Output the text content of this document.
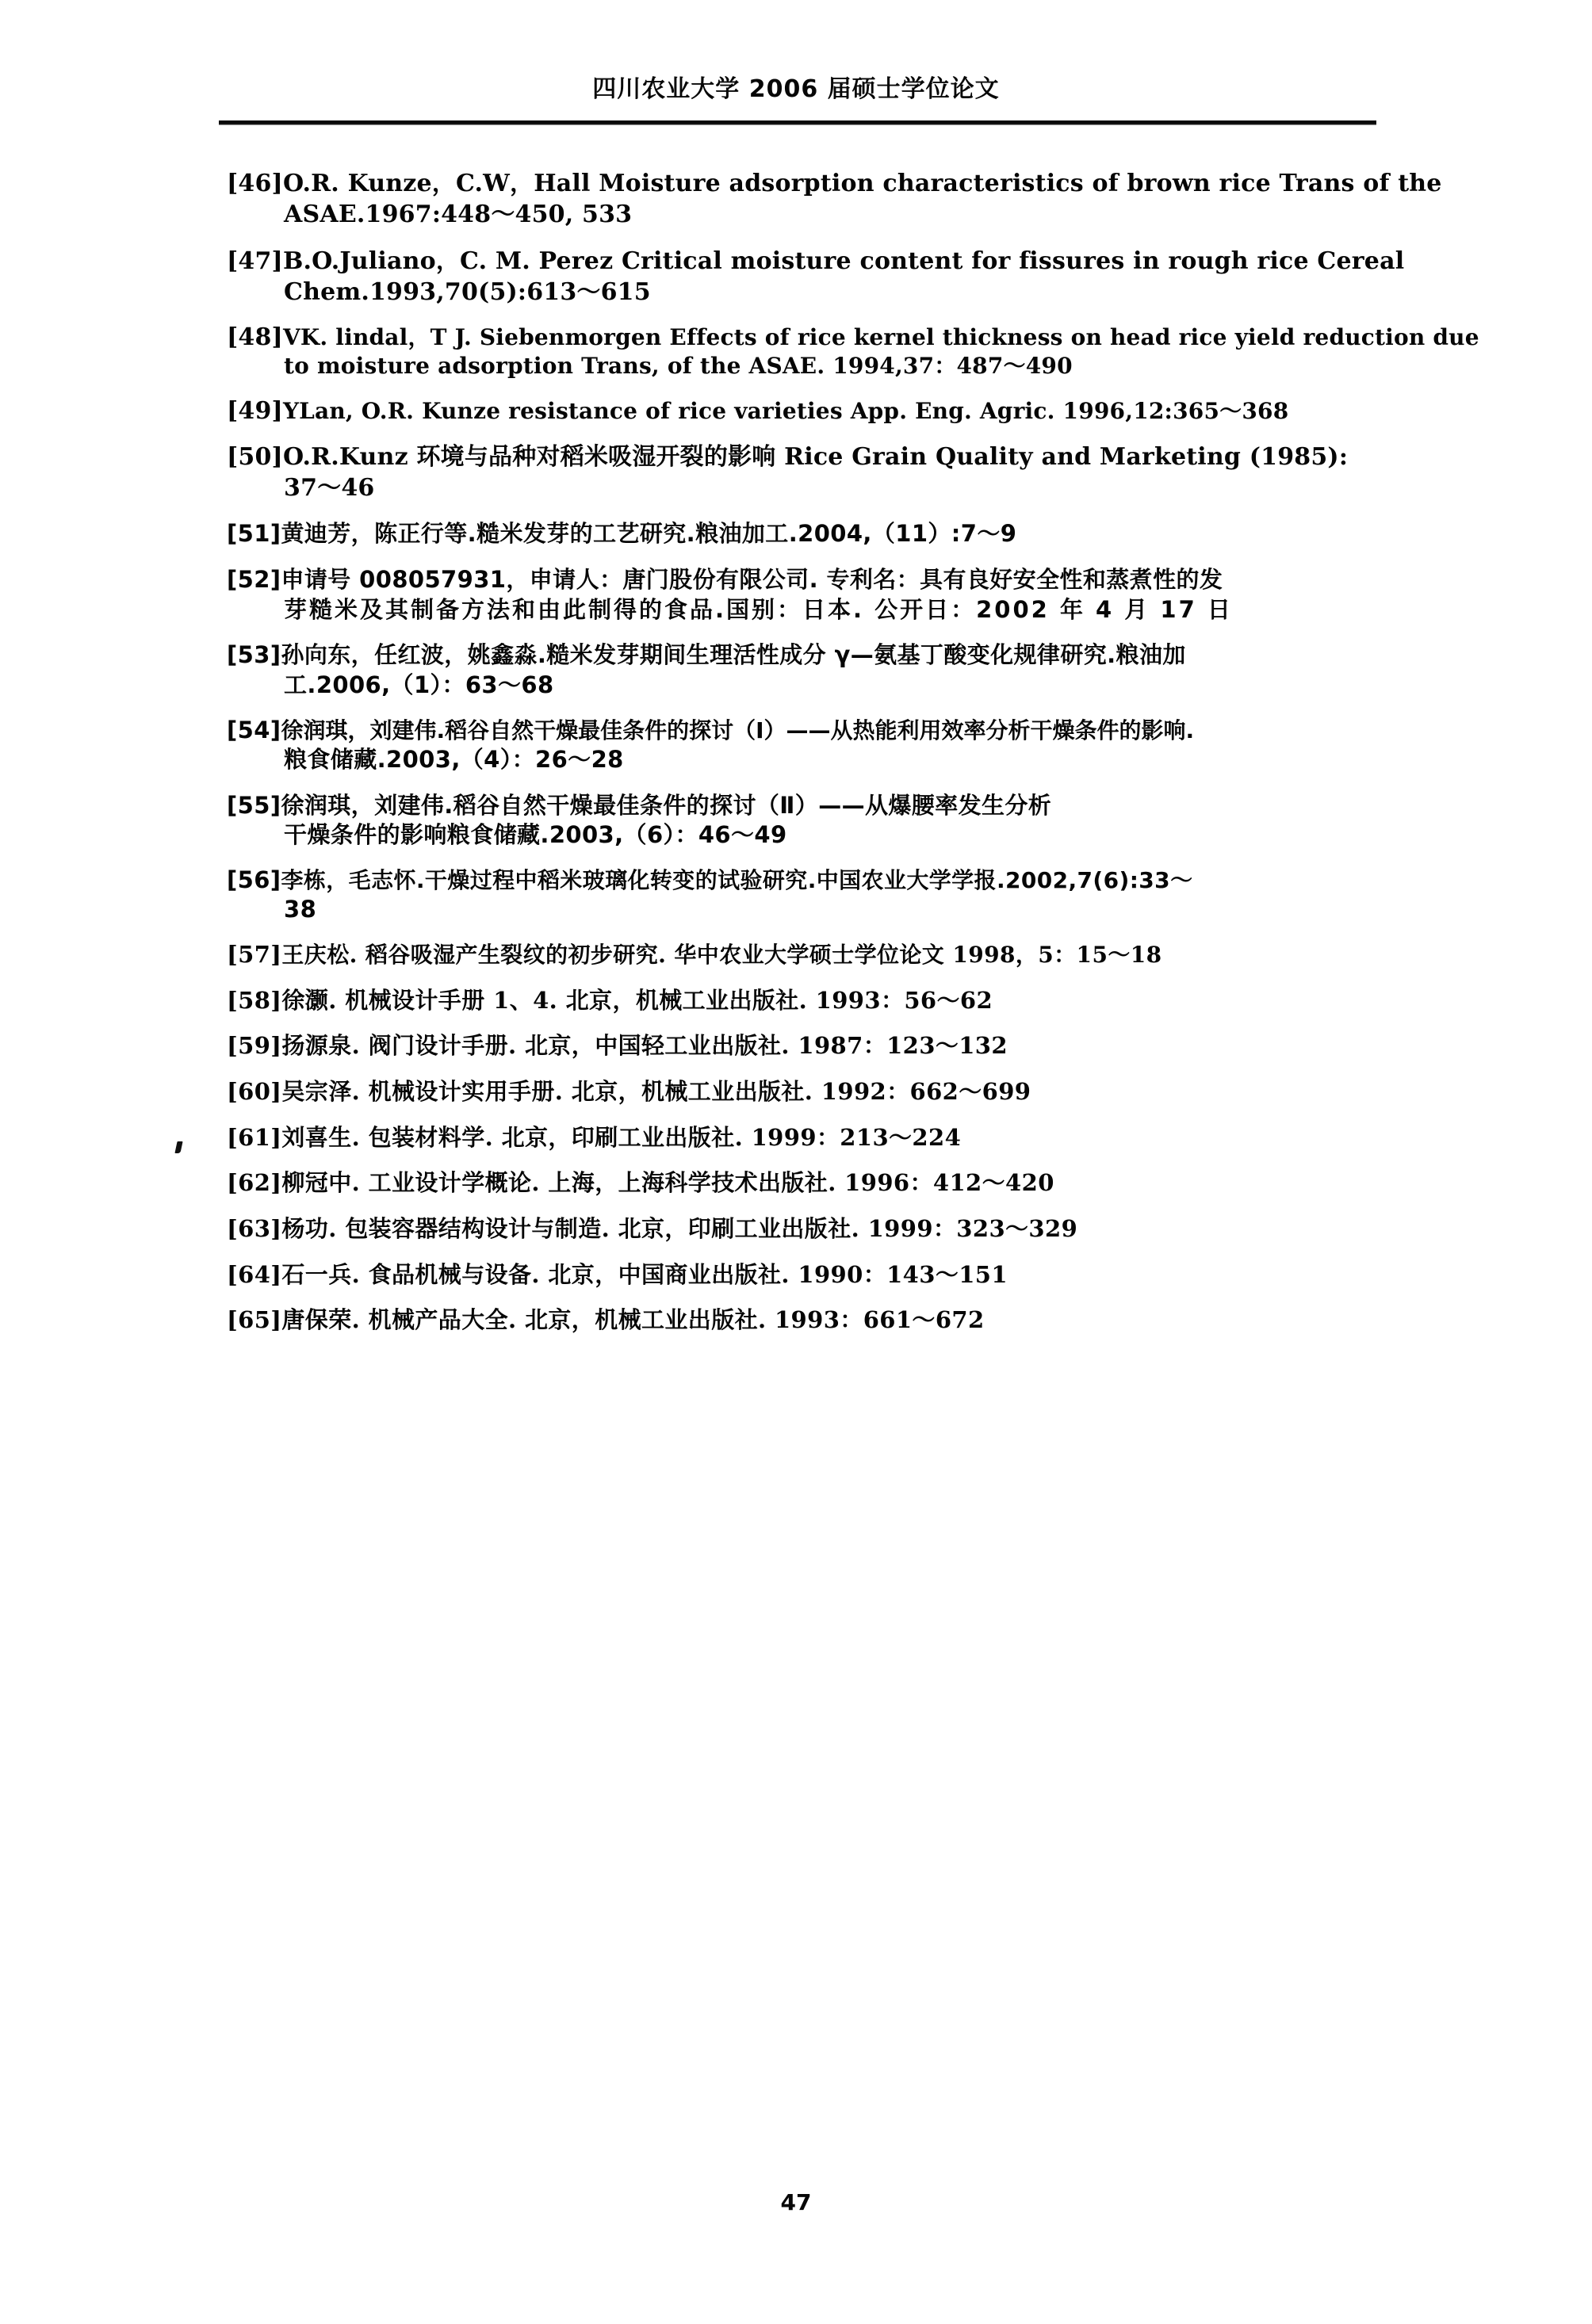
四川农业大学 2006 届硕士学位论文
[46] O.R. Kunze，C.W，Hall Moisture adsorption characteristics of brown rice Trans of the
ASAE.1967:448～450, 533
[47] B.O.Juliano，C. M. Perez Critical moisture content for fissures in rough rice Cereal
Chem.1993,70(5):613～615
[48] VK. lindal，T J. Siebenmorgen Effects of rice kernel thickness on head rice yield reduction due
to moisture adsorption Trans, of the ASAE. 1994,37：487～490
[49] YLan, O.R. Kunze resistance of rice varieties App. Eng. Agric. 1996,12:365～368
[50] O.R.Kunz 环境与品种对稻米吸湿开裂的影响 Rice Grain Quality and Marketing (1985):
37～46
[51] 黄迪芳，陈正行等.糙米发芽的工艺研究.粮油加工.2004,（11）:7～9
[52] 申请号 008057931，申请人：唐门股份有限公司. 专利名：具有良好安全性和蒸煮性的发
芽糙米及其制备方法和由此制得的食品.国别：日本. 公开日：2002 年 4 月 17 日
[53] 孙向东，任红波，姚鑫淼.糙米发芽期间生理活性成分 γ—氨基丁酸变化规律研究.粮油加
工.2006,（1）：63～68
[54] 徐润琪，刘建伟.稻谷自然干燥最佳条件的探讨（Ⅰ）——从热能利用效率分析干燥条件的影响.
粮食储藏.2003,（4）：26～28
[55] 徐润琪，刘建伟.稻谷自然干燥最佳条件的探讨（Ⅱ）——从爆腰率发生分析
干燥条件的影响粮食储藏.2003,（6）：46～49
[56] 李栋，毛志怀.干燥过程中稻米玻璃化转变的试验研究.中国农业大学学报.2002,7(6):33～
38
[57] 王庆松. 稻谷吸湿产生裂纹的初步研究. 华中农业大学硕士学位论文 1998，5：15～18
[58] 徐灏. 机械设计手册 1、4. 北京，机械工业出版社. 1993：56～62
[59] 扬源泉. 阀门设计手册. 北京，中国轻工业出版社. 1987：123～132
[60] 吴宗泽. 机械设计实用手册. 北京，机械工业出版社. 1992：662～699
[61] 刘喜生. 包装材料学. 北京，印刷工业出版社. 1999：213～224
[62] 柳冠中. 工业设计学概论. 上海，上海科学技术出版社. 1996：412～420
[63] 杨功. 包装容器结构设计与制造. 北京，印刷工业出版社. 1999：323～329
[64] 石一兵. 食品机械与设备. 北京，中国商业出版社. 1990：143～151
[65] 唐保荣. 机械产品大全. 北京，机械工业出版社. 1993：661～672
47
